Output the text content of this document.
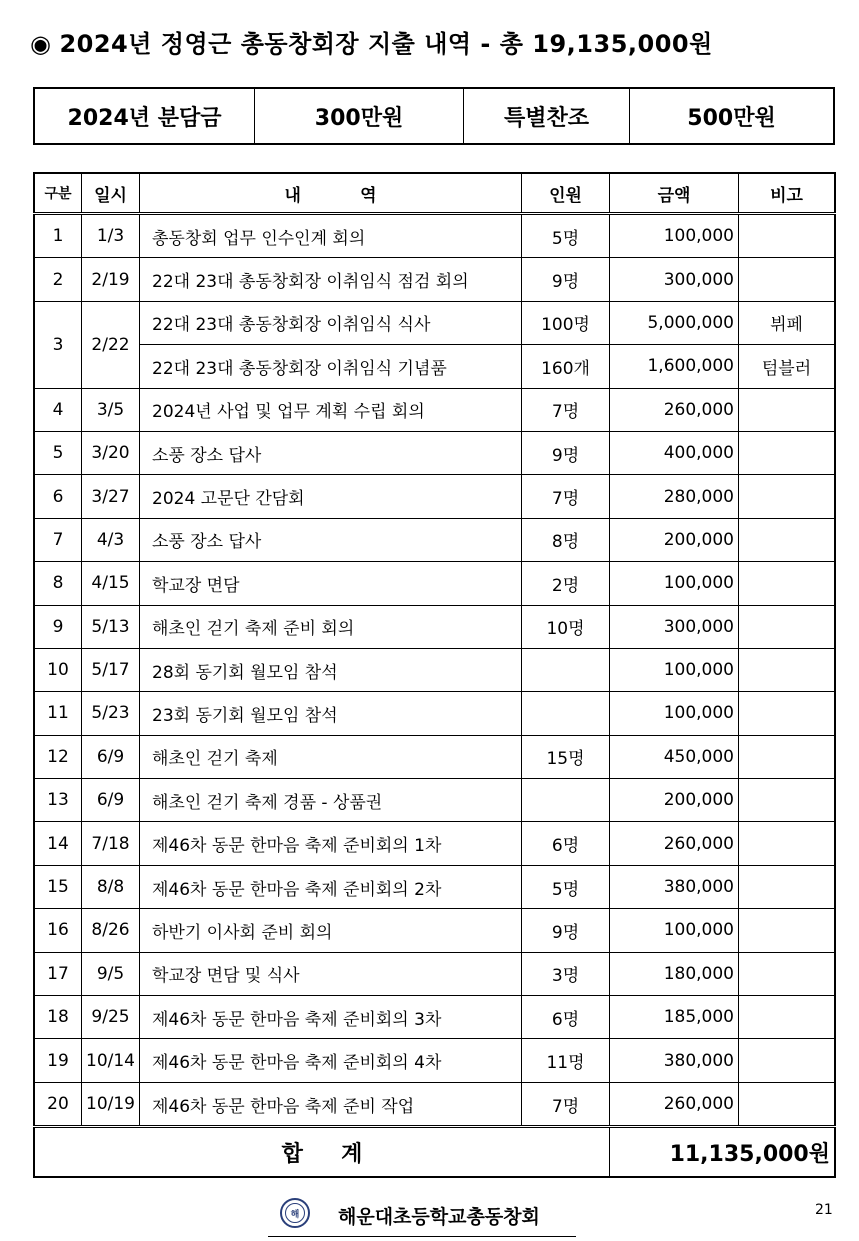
◉ 2024년 정영근 총동창회장 지출 내역 - 총 19,135,000원
2024년 분담금	300만원	특별찬조	500만원
구분	일시	내          역	인원	금액	비고
1	1/3	총동창회 업무 인수인계 회의	5명	100,000	
2	2/19	22대 23대 총동창회장 이취임식 점검 회의	9명	300,000	
3	2/22	22대 23대 총동창회장 이취임식 식사	100명	5,000,000	뷔페
		22대 23대 총동창회장 이취임식 기념품	160개	1,600,000	텀블러
4	3/5	2024년 사업 및 업무 계획 수립 회의	7명	260,000	
5	3/20	소풍 장소 답사	9명	400,000	
6	3/27	2024 고문단 간담회	7명	280,000	
7	4/3	소풍 장소 답사	8명	200,000	
8	4/15	학교장 면담	2명	100,000	
9	5/13	해초인 걷기 축제 준비 회의	10명	300,000	
10	5/17	28회 동기회 월모임 참석		100,000	
11	5/23	23회 동기회 월모임 참석		100,000	
12	6/9	해초인 걷기 축제	15명	450,000	
13	6/9	해초인 걷기 축제 경품 - 상품권		200,000	
14	7/18	제46차 동문 한마음 축제 준비회의 1차	6명	260,000	
15	8/8	제46차 동문 한마음 축제 준비회의 2차	5명	380,000	
16	8/26	하반기 이사회 준비 회의	9명	100,000	
17	9/5	학교장 면담 및 식사	3명	180,000	
18	9/25	제46차 동문 한마음 축제 준비회의 3차	6명	185,000	
19	10/14	제46차 동문 한마음 축제 준비회의 4차	11명	380,000	
20	10/19	제46차 동문 한마음 축제 준비 작업	7명	260,000	
합     계				11,135,000원	
해 해운대초등학교총동창회	21
